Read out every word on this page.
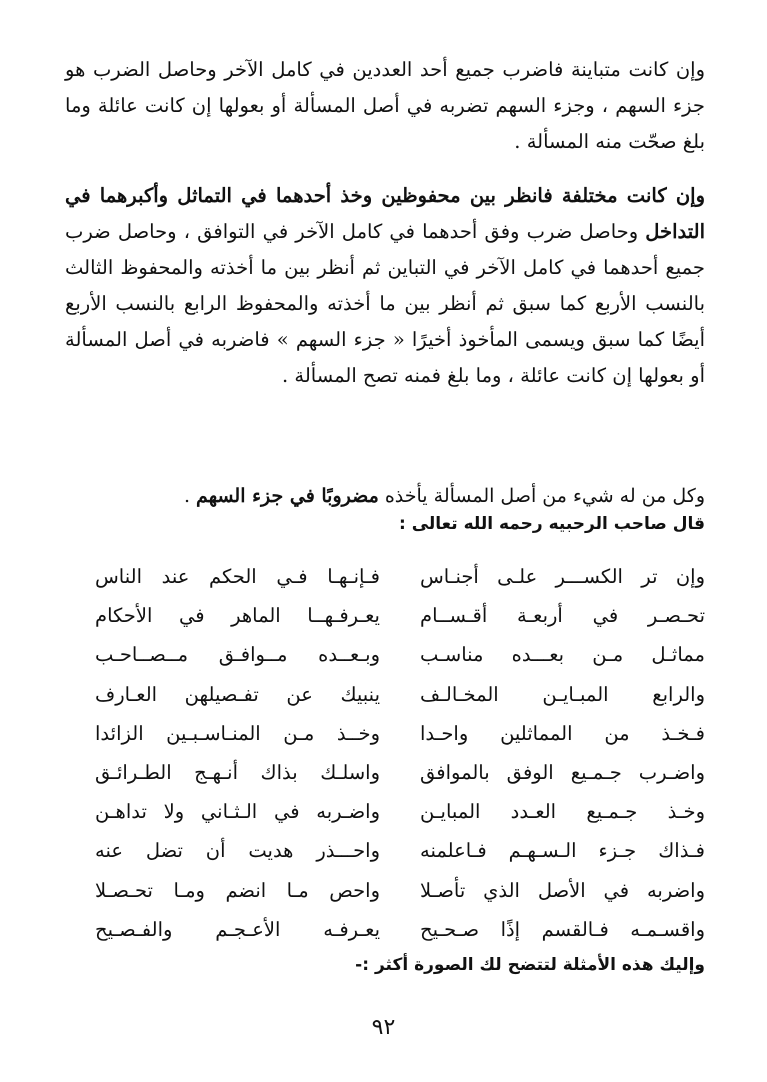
وإن كانت متباينة فاضرب جميع أحد العددين في كامل الآخر وحاصل الضرب هو جزء السهم ، وجزء السهم تضربه في أصل المسألة أو بعولها إن كانت عائلة وما بلغ صحّت منه المسألة .

وإن كانت مختلفة فانظر بين محفوظين وخذ أحدهما في التماثل وأكبرهما في التداخل وحاصل ضرب وفق أحدهما في كامل الآخر في التوافق ، وحاصل ضرب جميع أحدهما في كامل الآخر في التباين ثم أنظر بين ما أخذته والمحفوظ الثالث بالنسب الأربع كما سبق ثم أنظر بين ما أخذته والمحفوظ الرابع بالنسب الأربع أيضًا كما سبق ويسمى المأخوذ أخيرًا « جزء السهم » فاضربه في أصل المسألة أو بعولها إن كانت عائلة ، وما بلغ فمنه تصح المسألة .

وكل من له شيء من أصل المسألة يأخذه مضروبًا في جزء السهم .

قال صاحب الرحبيه رحمه الله تعالى :
وإن تر الكســـر علـى أجنـاس
فـإنـهـا فـي الحكم عند الناس
تحـصـر في أربعـة أقـســام
يعـرفـهــا الماهر في الأحكام
مماثـل مـن بعـــده مناسـب
وبـعــده مــوافـق مــصــاحـب
والرابع المبـايـن المخـالـف
ينبيك عن تفـصيلهن العـارف
فـخـذ من المماثلين واحـدا
وخــذ مـن المنـاسـبـين الزائدا
واضـرب جـمـيع الوفق بالموافق
واسلـك بذاك أنـهـج الطـرائـق
وخـذ جـمـيع العـدد المبايـن
واضـربه في الـثـاني ولا تداهـن
فـذاك جـزء الـسـهـم فـاعلمنه
واحـــذر هديت أن تضل عنه
واضربه في الأصل الذي تأصـلا
واحص مـا انضم ومـا تحـصـلا
واقسـمـه فـالقسم إذًا صـحـيح
يعـرفـه الأعـجـم والفـصـيح
وإليك هذه الأمثلة لتتضح لك الصورة أكثر :-
٩٢
